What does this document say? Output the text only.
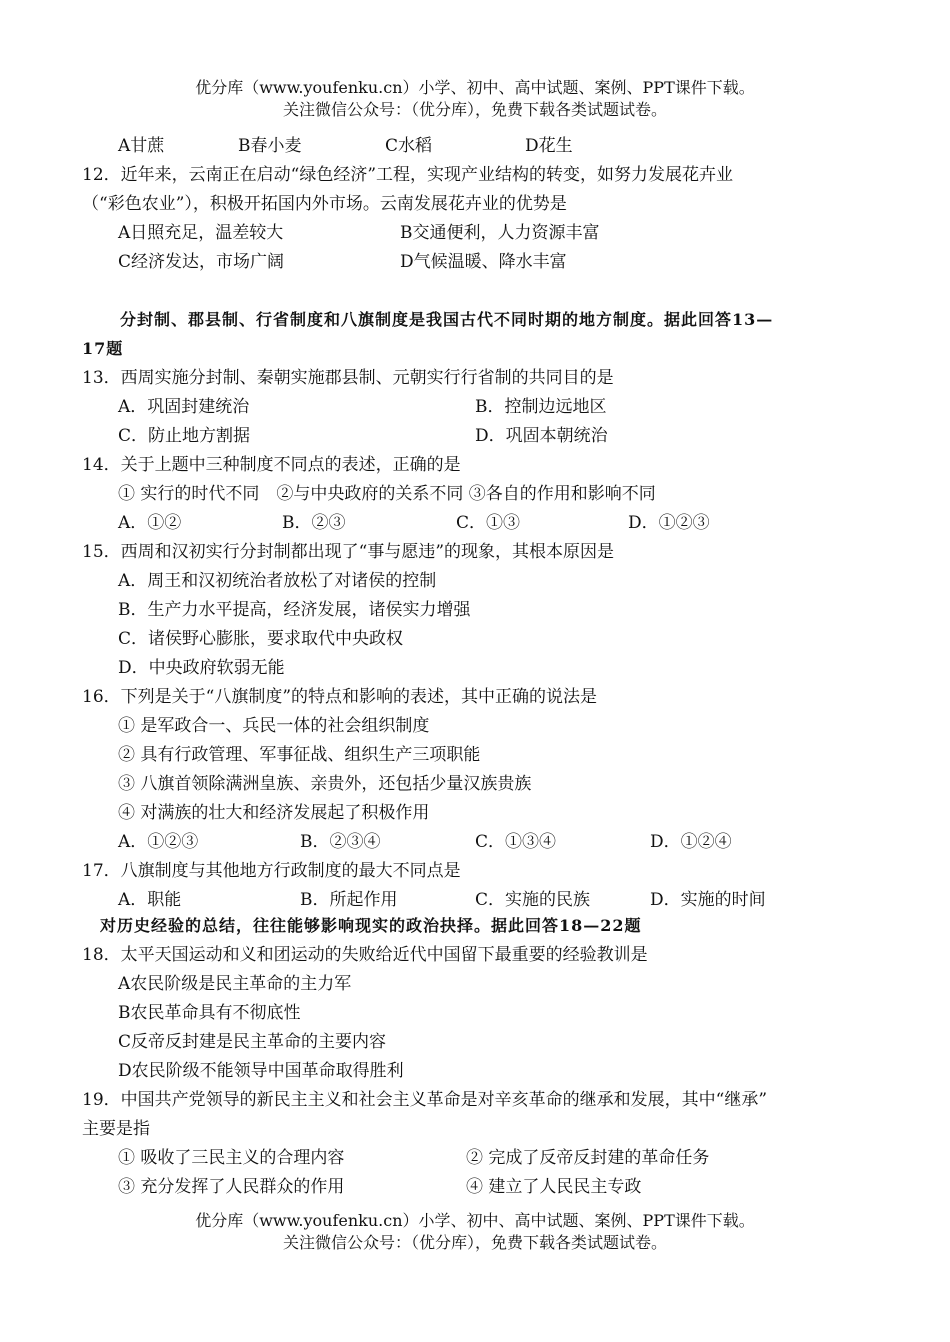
优分库（www.youfenku.cn）小学、初中、高中试题、案例、PPT课件下载。
关注微信公众号：（优分库），免费下载各类试题试卷。
A甘蔗	B春小麦	C水稻	D花生
12．近年来，云南正在启动“绿色经济”工程，实现产业结构的转变，如努力发展花卉业
（“彩色农业”），积极开拓国内外市场。云南发展花卉业的优势是
A日照充足，温差较大	B交通便利，人力资源丰富
C经济发达，市场广阔	D气候温暖、降水丰富
分封制、郡县制、行省制度和八旗制度是我国古代不同时期的地方制度。据此回答13—
17题
13．西周实施分封制、秦朝实施郡县制、元朝实行行省制的共同目的是
A．巩固封建统治	B．控制边远地区
C．防止地方割据	D．巩固本朝统治
14．关于上题中三种制度不同点的表述，正确的是
① 实行的时代不同　②与中央政府的关系不同 ③各自的作用和影响不同
A．①②	B．②③	C．①③	D．①②③
15．西周和汉初实行分封制都出现了“事与愿违”的现象，其根本原因是
A．周王和汉初统治者放松了对诸侯的控制
B．生产力水平提高，经济发展，诸侯实力增强
C．诸侯野心膨胀，要求取代中央政权
D．中央政府软弱无能
16．下列是关于“八旗制度”的特点和影响的表述，其中正确的说法是
① 是军政合一、兵民一体的社会组织制度
② 具有行政管理、军事征战、组织生产三项职能
③ 八旗首领除满洲皇族、亲贵外，还包括少量汉族贵族
④ 对满族的壮大和经济发展起了积极作用
A．①②③	B．②③④	C．①③④	D．①②④
17．八旗制度与其他地方行政制度的最大不同点是
A．职能	B．所起作用	C．实施的民族	D．实施的时间
对历史经验的总结，往往能够影响现实的政治抉择。据此回答18—22题
18．太平天国运动和义和团运动的失败给近代中国留下最重要的经验教训是
A农民阶级是民主革命的主力军
B农民革命具有不彻底性
C反帝反封建是民主革命的主要内容
D农民阶级不能领导中国革命取得胜利
19．中国共产党领导的新民主主义和社会主义革命是对辛亥革命的继承和发展，其中“继承”
主要是指
① 吸收了三民主义的合理内容	② 完成了反帝反封建的革命任务
③ 充分发挥了人民群众的作用	④ 建立了人民民主专政
优分库（www.youfenku.cn）小学、初中、高中试题、案例、PPT课件下载。
关注微信公众号：（优分库），免费下载各类试题试卷。
